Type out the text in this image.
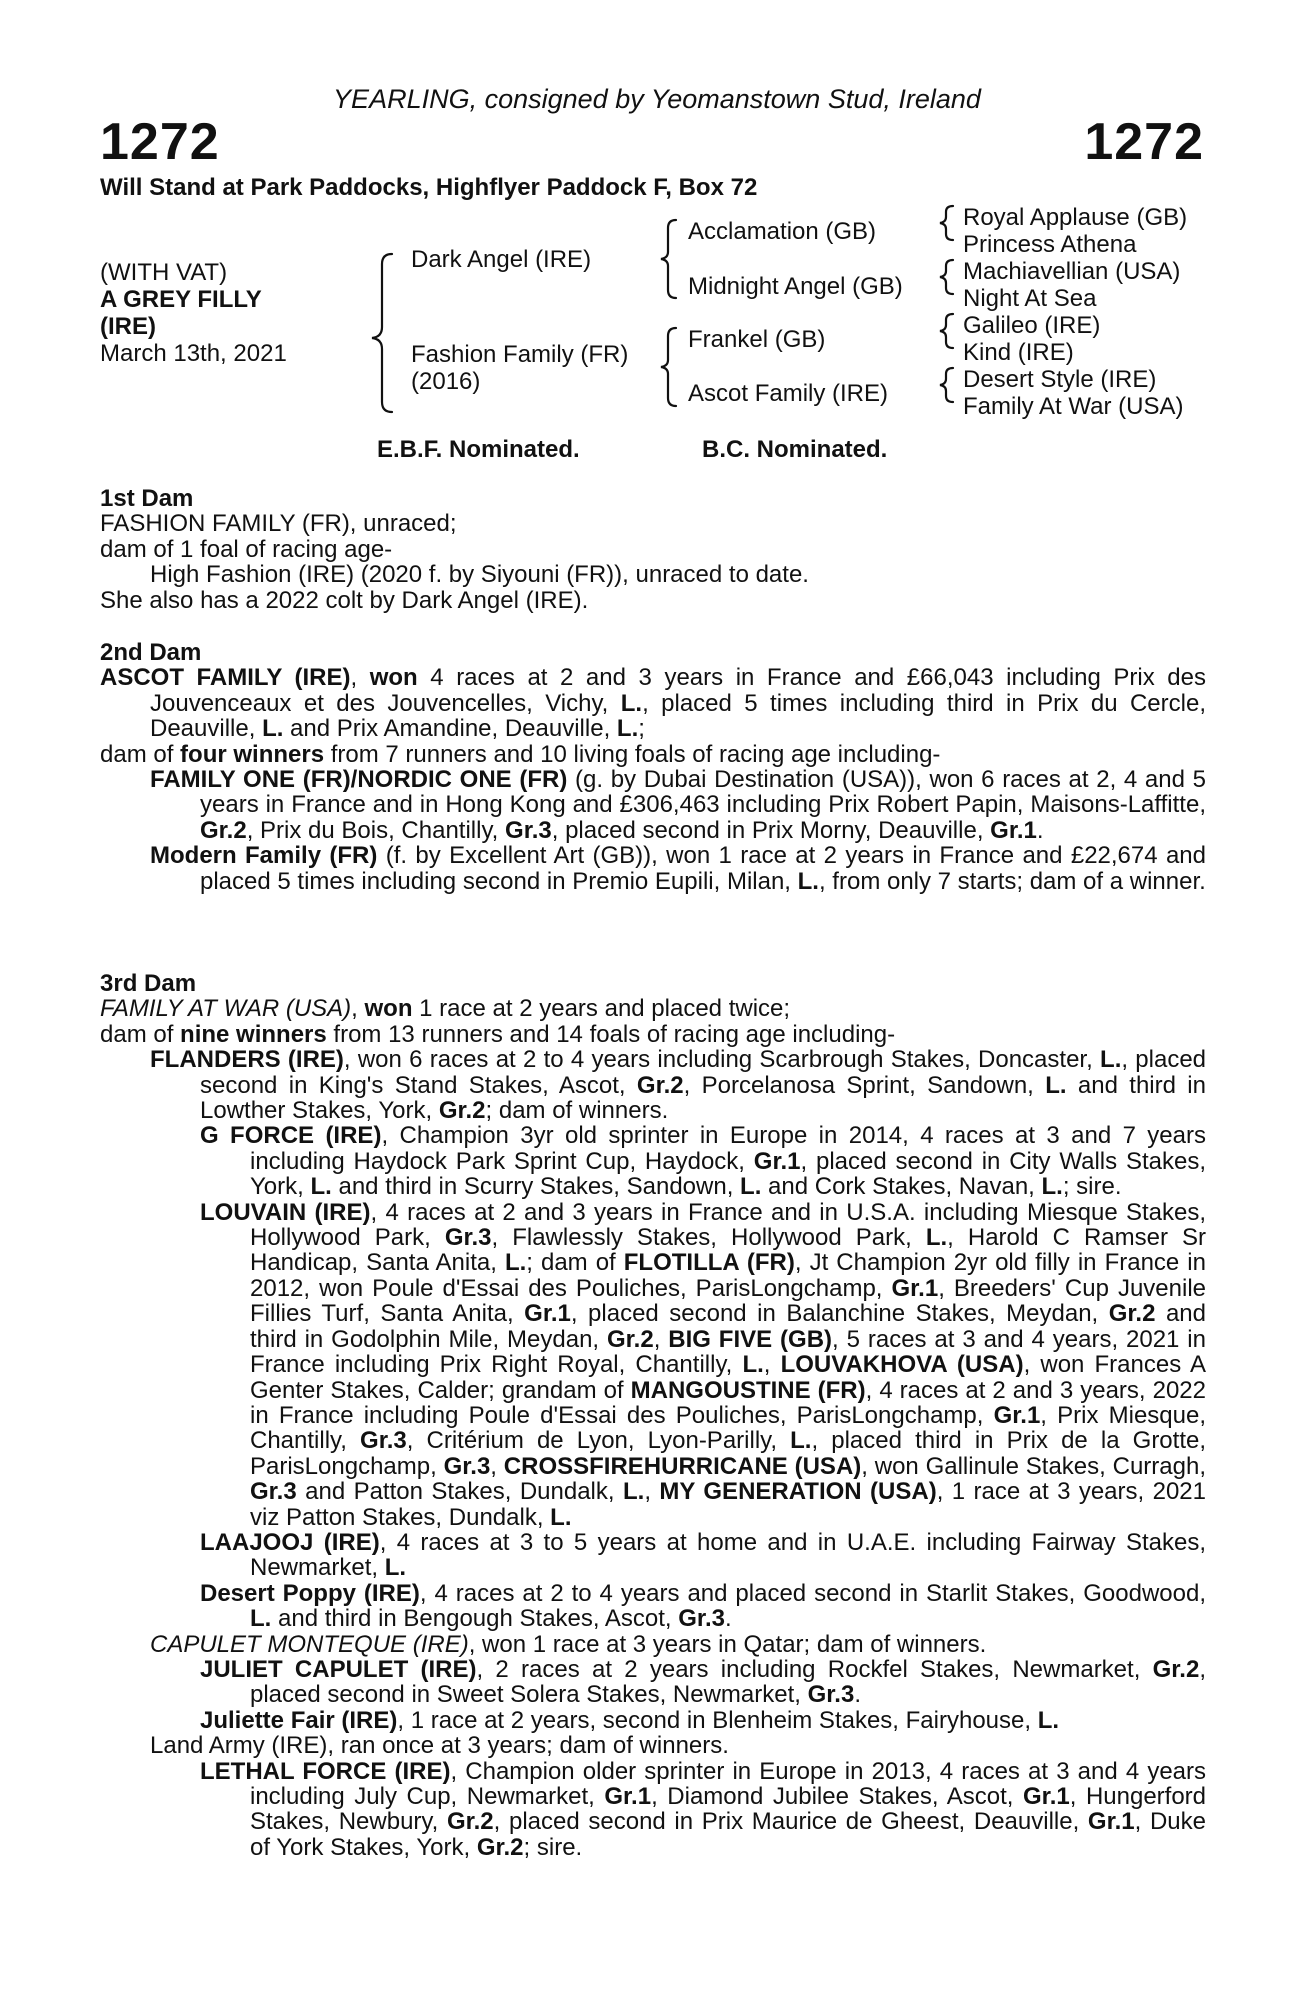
YEARLING, consigned by Yeomanstown Stud, Ireland
1272	1272
Will Stand at Park Paddocks, Highflyer Paddock F, Box 72
(WITH VAT)
A GREY FILLY
(IRE)
March 13th, 2021
Dark Angel (IRE)
Fashion Family (FR)
(2016)
Acclamation (GB)
Midnight Angel (GB)
Frankel (GB)
Ascot Family (IRE)
Royal Applause (GB)
Princess Athena
Machiavellian (USA)
Night At Sea
Galileo (IRE)
Kind (IRE)
Desert Style (IRE)
Family At War (USA)
E.B.F. Nominated.	B.C. Nominated.

1st Dam

FASHION FAMILY (FR), unraced;

dam of 1 foal of racing age-

High Fashion (IRE) (2020 f. by Siyouni (FR)), unraced to date.

She also has a 2022 colt by Dark Angel (IRE).

2nd Dam

ASCOT FAMILY (IRE), won 4 races at 2 and 3 years in France and £66,043 including Prix des Jouvenceaux et des Jouvencelles, Vichy, L., placed 5 times including third in Prix du Cercle, Deauville, L. and Prix Amandine, Deauville, L.;

dam of four winners from 7 runners and 10 living foals of racing age including-

FAMILY ONE (FR)/NORDIC ONE (FR) (g. by Dubai Destination (USA)), won 6 races at 2, 4 and 5 years in France and in Hong Kong and £306,463 including Prix Robert Papin, Maisons-Laffitte, Gr.2, Prix du Bois, Chantilly, Gr.3, placed second in Prix Morny, Deauville, Gr.1.

Modern Family (FR) (f. by Excellent Art (GB)), won 1 race at 2 years in France and £22,674 and placed 5 times including second in Premio Eupili, Milan, L., from only 7 starts; dam of a winner.

3rd Dam

FAMILY AT WAR (USA), won 1 race at 2 years and placed twice;

dam of nine winners from 13 runners and 14 foals of racing age including-

FLANDERS (IRE), won 6 races at 2 to 4 years including Scarbrough Stakes, Doncaster, L., placed second in King's Stand Stakes, Ascot, Gr.2, Porcelanosa Sprint, Sandown, L. and third in Lowther Stakes, York, Gr.2; dam of winners.

G FORCE (IRE), Champion 3yr old sprinter in Europe in 2014, 4 races at 3 and 7 years including Haydock Park Sprint Cup, Haydock, Gr.1, placed second in City Walls Stakes, York, L. and third in Scurry Stakes, Sandown, L. and Cork Stakes, Navan, L.; sire.

LOUVAIN (IRE), 4 races at 2 and 3 years in France and in U.S.A. including Miesque Stakes, Hollywood Park, Gr.3, Flawlessly Stakes, Hollywood Park, L., Harold C Ramser Sr Handicap, Santa Anita, L.; dam of FLOTILLA (FR), Jt Champion 2yr old filly in France in 2012, won Poule d'Essai des Pouliches, ParisLongchamp, Gr.1, Breeders' Cup Juvenile Fillies Turf, Santa Anita, Gr.1, placed second in Balanchine Stakes, Meydan, Gr.2 and third in Godolphin Mile, Meydan, Gr.2, BIG FIVE (GB), 5 races at 3 and 4 years, 2021 in France including Prix Right Royal, Chantilly, L., LOUVAKHOVA (USA), won Frances A Genter Stakes, Calder; grandam of MANGOUSTINE (FR), 4 races at 2 and 3 years, 2022 in France including Poule d'Essai des Pouliches, ParisLongchamp, Gr.1, Prix Miesque, Chantilly, Gr.3, Critérium de Lyon, Lyon-Parilly, L., placed third in Prix de la Grotte, ParisLongchamp, Gr.3, CROSSFIREHURRICANE (USA), won Gallinule Stakes, Curragh, Gr.3 and Patton Stakes, Dundalk, L., MY GENERATION (USA), 1 race at 3 years, 2021 viz Patton Stakes, Dundalk, L.

LAAJOOJ (IRE), 4 races at 3 to 5 years at home and in U.A.E. including Fairway Stakes, Newmarket, L.

Desert Poppy (IRE), 4 races at 2 to 4 years and placed second in Starlit Stakes, Goodwood, L. and third in Bengough Stakes, Ascot, Gr.3.

CAPULET MONTEQUE (IRE), won 1 race at 3 years in Qatar; dam of winners.

JULIET CAPULET (IRE), 2 races at 2 years including Rockfel Stakes, Newmarket, Gr.2, placed second in Sweet Solera Stakes, Newmarket, Gr.3.

Juliette Fair (IRE), 1 race at 2 years, second in Blenheim Stakes, Fairyhouse, L.

Land Army (IRE), ran once at 3 years; dam of winners.

LETHAL FORCE (IRE), Champion older sprinter in Europe in 2013, 4 races at 3 and 4 years including July Cup, Newmarket, Gr.1, Diamond Jubilee Stakes, Ascot, Gr.1, Hungerford Stakes, Newbury, Gr.2, placed second in Prix Maurice de Gheest, Deauville, Gr.1, Duke of York Stakes, York, Gr.2; sire.
